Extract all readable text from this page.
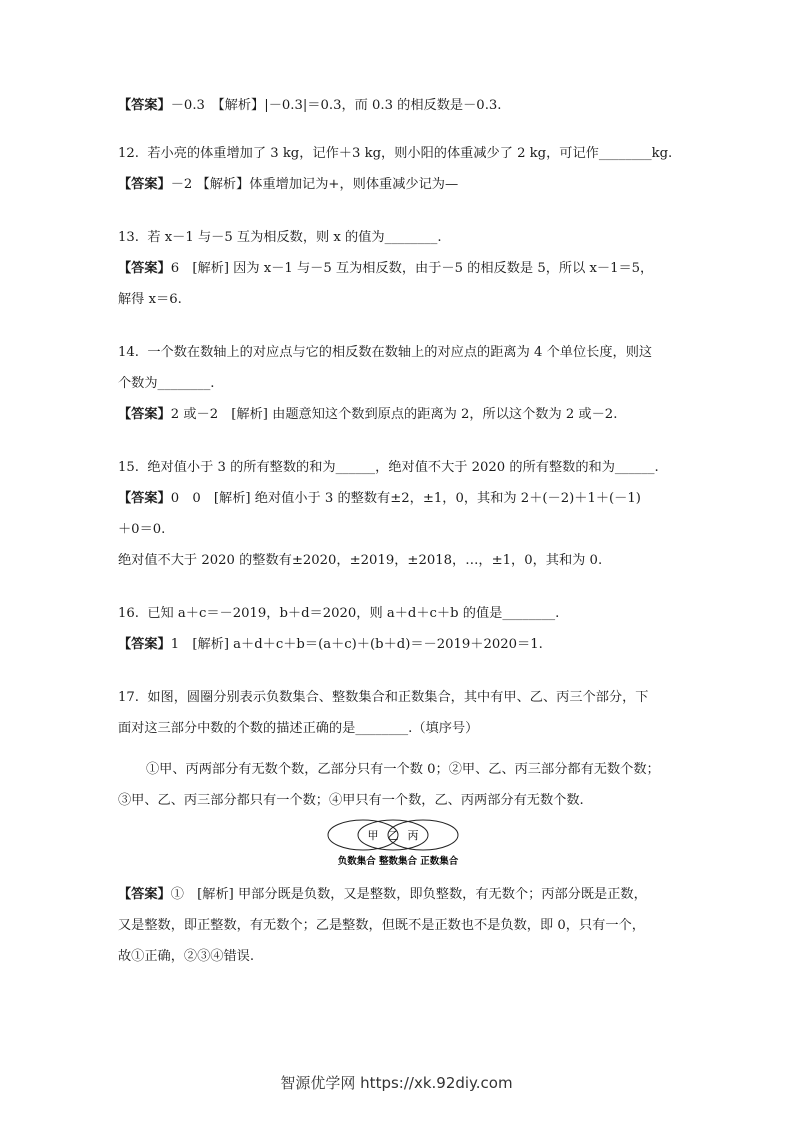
【答案】－0.3　【解析】|－0.3|＝0.3，而 0.3 的相反数是－0.3.
12.  若小亮的体重增加了 3 kg，记作＋3 kg，则小阳的体重减少了 2 kg，可记作________kg.
【答案】－2 【解析】体重增加记为+，则体重减少记为—
13.  若 x－1 与－5 互为相反数，则 x 的值为________.
【答案】6　[解析] 因为 x－1 与－5 互为相反数，由于－5 的相反数是 5，所以 x－1＝5，
解得 x＝6.
14.  一个数在数轴上的对应点与它的相反数在数轴上的对应点的距离为 4 个单位长度，则这
个数为________.
【答案】2 或－2　[解析] 由题意知这个数到原点的距离为 2，所以这个数为 2 或－2.
15.  绝对值小于 3 的所有整数的和为______，绝对值不大于 2020 的所有整数的和为______.
【答案】0　0　[解析] 绝对值小于 3 的整数有±2，±1，0，其和为 2＋(－2)＋1＋(－1)
＋0＝0.
绝对值不大于 2020 的整数有±2020，±2019，±2018，…，±1，0，其和为 0.
16.  已知 a＋c＝－2019，b＋d＝2020，则 a＋d＋c＋b 的值是________.
【答案】1　[解析] a＋d＋c＋b＝(a＋c)＋(b＋d)＝－2019＋2020＝1.
17.  如图，圆圈分别表示负数集合、整数集合和正数集合，其中有甲、乙、丙三个部分，下
面对这三部分中数的个数的描述正确的是________.（填序号）
①甲、丙两部分有无数个数，乙部分只有一个数 0；②甲、乙、丙三部分都有无数个数；
③甲、乙、丙三部分都只有一个数；④甲只有一个数，乙、丙两部分有无数个数.
甲 乙 丙
负数集合 整数集合 正数集合
【答案】①　[解析] 甲部分既是负数，又是整数，即负整数，有无数个；丙部分既是正数，
又是整数，即正整数，有无数个；乙是整数，但既不是正数也不是负数，即 0，只有一个，
故①正确，②③④错误.
智源优学网 https://xk.92diy.com
